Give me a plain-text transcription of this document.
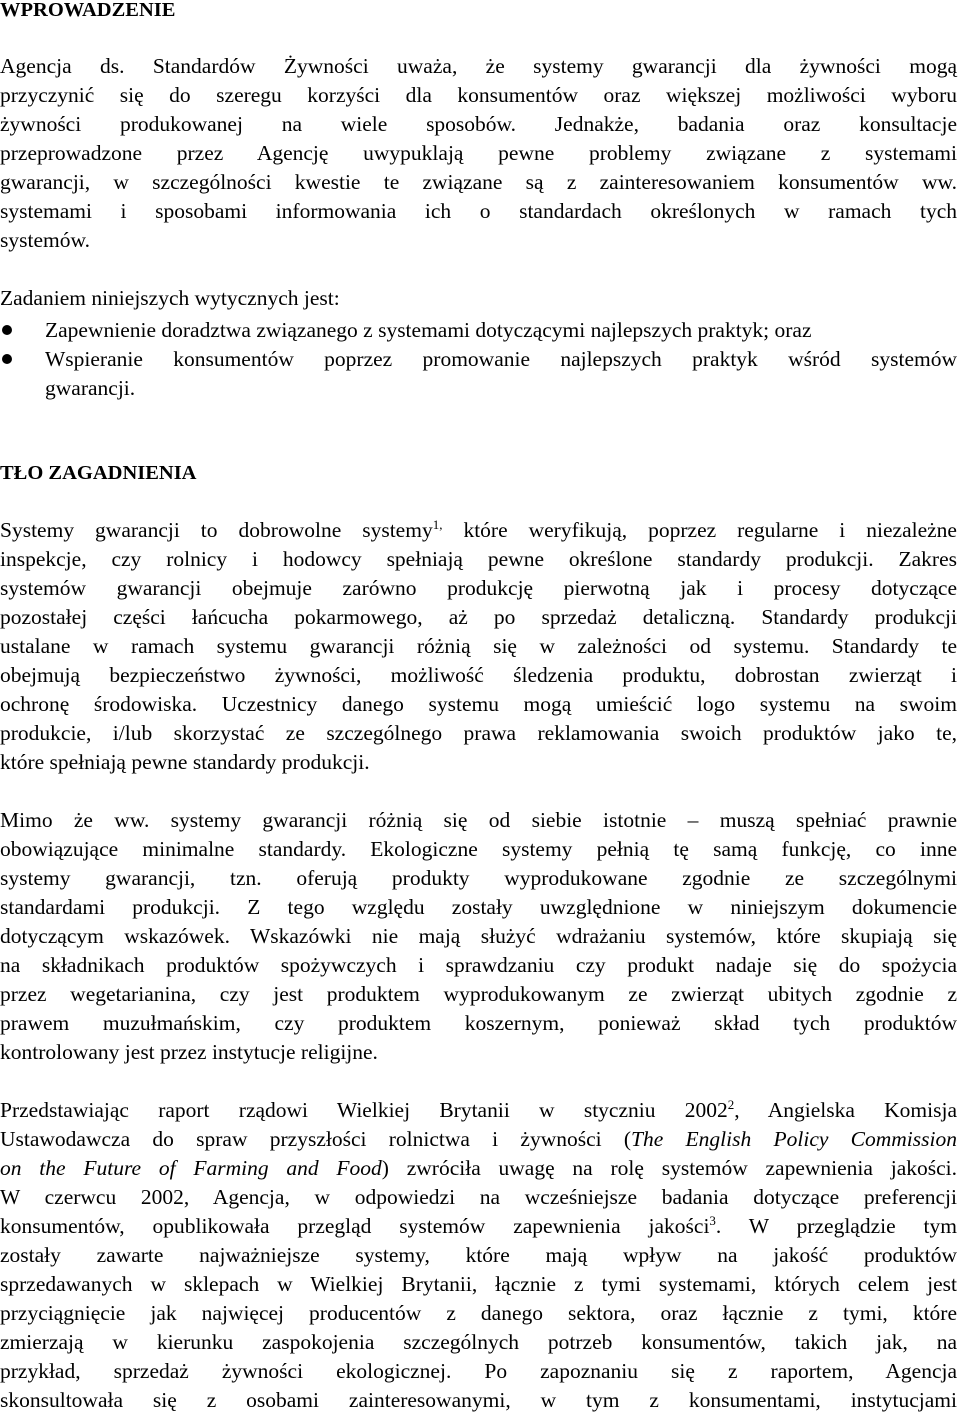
WPROWADZENIE
Agencja ds. Standardów Żywności uważa, że systemy gwarancji dla żywności mogą
przyczynić się do szeregu korzyści dla konsumentów oraz większej możliwości wyboru
żywności produkowanej na wiele sposobów. Jednakże, badania oraz konsultacje
przeprowadzone przez Agencję uwypuklają pewne problemy związane z systemami
gwarancji, w szczególności kwestie te związane są z zainteresowaniem konsumentów ww.
systemami i sposobami informowania ich o standardach określonych w ramach tych
systemów.
Zadaniem niniejszych wytycznych jest:
Zapewnienie doradztwa związanego z systemami dotyczącymi najlepszych praktyk; oraz
Wspieranie konsumentów poprzez promowanie najlepszych praktyk wśród systemów
gwarancji.
TŁO ZAGADNIENIA
Systemy gwarancji to dobrowolne systemy$^{1,}$ które weryfikują, poprzez regularne i niezależne
inspekcje, czy rolnicy i hodowcy spełniają pewne określone standardy produkcji. Zakres
systemów gwarancji obejmuje zarówno produkcję pierwotną jak i procesy dotyczące
pozostałej części łańcucha pokarmowego, aż po sprzedaż detaliczną. Standardy produkcji
ustalane w ramach systemu gwarancji różnią się w zależności od systemu. Standardy te
obejmują bezpieczeństwo żywności, możliwość śledzenia produktu, dobrostan zwierząt i
ochronę środowiska. Uczestnicy danego systemu mogą umieścić logo systemu na swoim
produkcie, i/lub skorzystać ze szczególnego prawa reklamowania swoich produktów jako te,
które spełniają pewne standardy produkcji.
Mimo że ww. systemy gwarancji różnią się od siebie istotnie – muszą spełniać prawnie
obowiązujące minimalne standardy. Ekologiczne systemy pełnią tę samą funkcję, co inne
systemy gwarancji, tzn. oferują produkty wyprodukowane zgodnie ze szczególnymi
standardami produkcji. Z tego względu zostały uwzględnione w niniejszym dokumencie
dotyczącym wskazówek. Wskazówki nie mają służyć wdrażaniu systemów, które skupiają się
na składnikach produktów spożywczych i sprawdzaniu czy produkt nadaje się do spożycia
przez wegetarianina, czy jest produktem wyprodukowanym ze zwierząt ubitych zgodnie z
prawem muzułmańskim, czy produktem koszernym, ponieważ skład tych produktów
kontrolowany jest przez instytucje religijne.
Przedstawiając raport rządowi Wielkiej Brytanii w styczniu 2002$^2$, Angielska Komisja
Ustawodawcza do spraw przyszłości rolnictwa i żywności (The English Policy Commission
on the Future of Farming and Food) zwróciła uwagę na rolę systemów zapewnienia jakości.
W czerwcu 2002, Agencja, w odpowiedzi na wcześniejsze badania dotyczące preferencji
konsumentów, opublikowała przegląd systemów zapewnienia jakości$^3$. W przeglądzie tym
zostały zawarte najważniejsze systemy, które mają wpływ na jakość produktów
sprzedawanych w sklepach w Wielkiej Brytanii, łącznie z tymi systemami, których celem jest
przyciągnięcie jak najwięcej producentów z danego sektora, oraz łącznie z tymi, które
zmierzają w kierunku zaspokojenia szczególnych potrzeb konsumentów, takich jak, na
przykład, sprzedaż żywności ekologicznej. Po zapoznaniu się z raportem, Agencja
skonsultowała się z osobami zainteresowanymi, w tym z konsumentami, instytucjami
